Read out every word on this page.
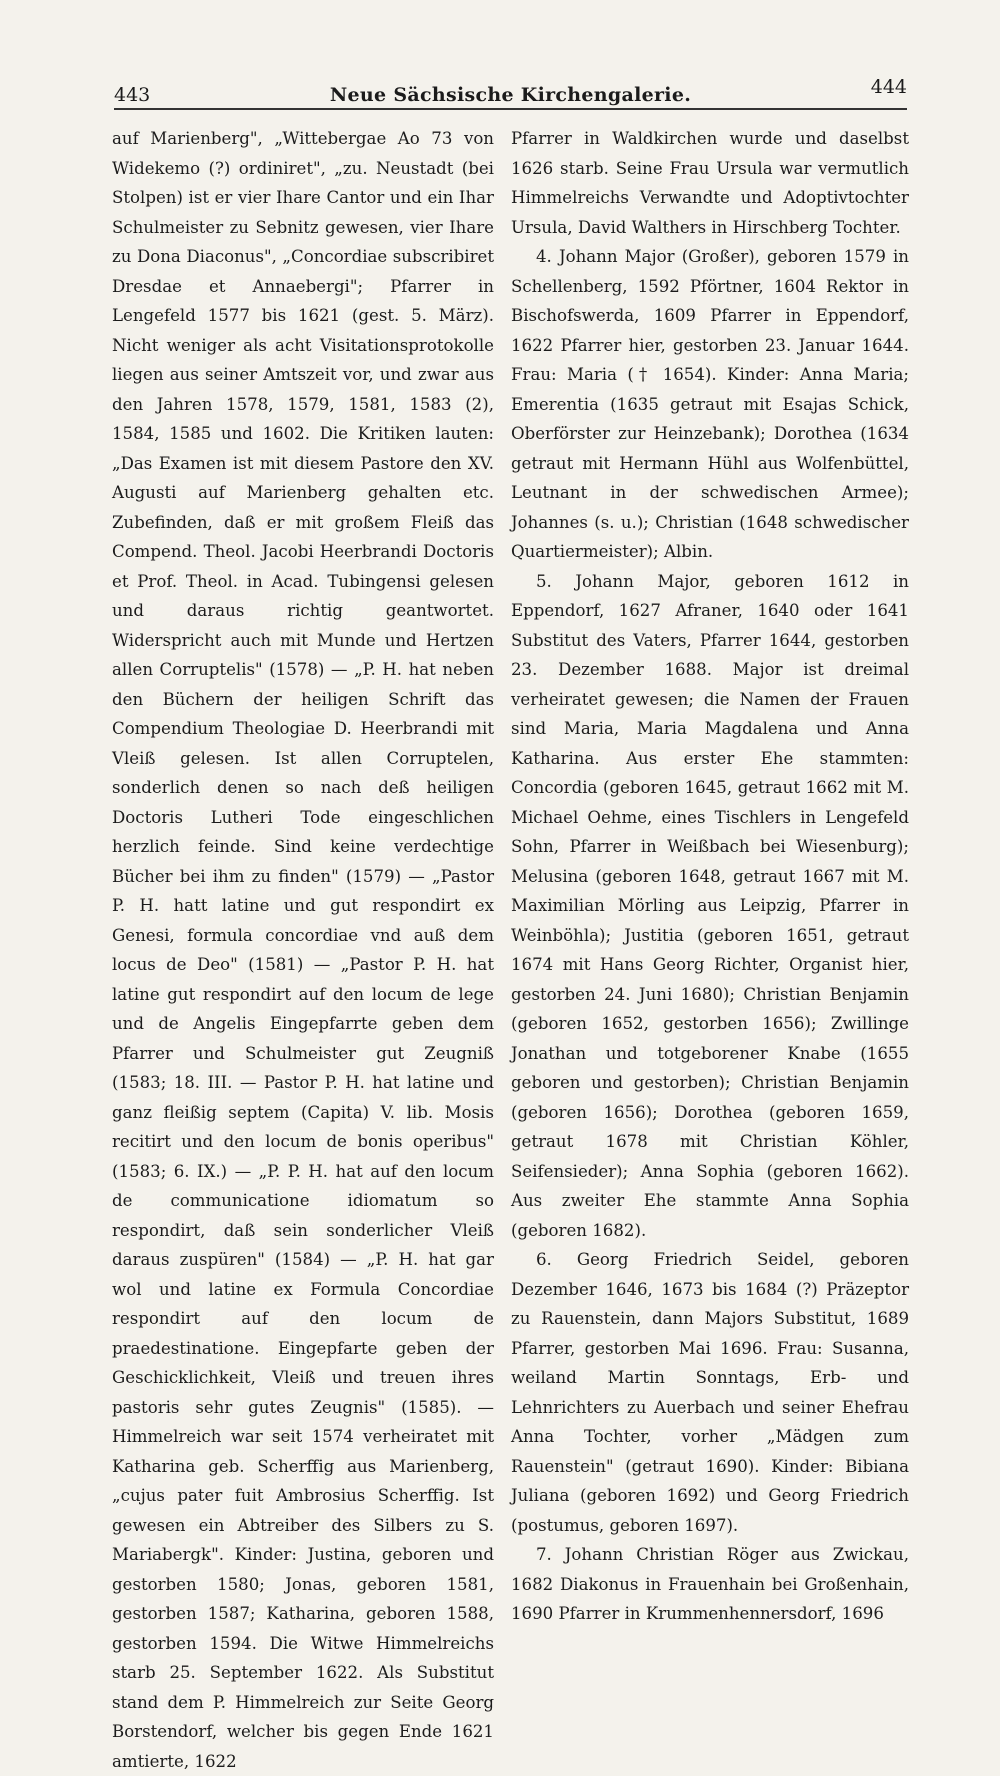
443	Neue Sächsische Kirchengalerie.	444

auf Marienberg", „Wittebergae Ao 73 von Widekemo (?) ordiniret", „zu. Neustadt (bei Stolpen) ist er vier Ihare Cantor und ein Ihar Schulmeister zu Sebnitz gewesen, vier Ihare zu Dona Diaconus", „Concordiae subscribiret Dresdae et Annaebergi"; Pfarrer in Lengefeld 1577 bis 1621 (gest. 5. März). Nicht weniger als acht Visitationsprotokolle liegen aus seiner Amtszeit vor, und zwar aus den Jahren 1578, 1579, 1581, 1583 (2), 1584, 1585 und 1602. Die Kritiken lauten: „Das Examen ist mit diesem Pastore den XV. Augusti auf Marienberg gehalten etc. Zubefinden, daß er mit großem Fleiß das Compend. Theol. Jacobi Heerbrandi Doctoris et Prof. Theol. in Acad. Tubingensi gelesen und daraus richtig geantwortet. Widerspricht auch mit Munde und Hertzen allen Corruptelis" (1578) — „P. H. hat neben den Büchern der heiligen Schrift das Compendium Theologiae D. Heerbrandi mit Vleiß gelesen. Ist allen Corruptelen, sonderlich denen so nach deß heiligen Doctoris Lutheri Tode eingeschlichen herzlich feinde. Sind keine verdechtige Bücher bei ihm zu finden" (1579) — „Pastor P. H. hatt latine und gut respondirt ex Genesi, formula concordiae vnd auß dem locus de Deo" (1581) — „Pastor P. H. hat latine gut respondirt auf den locum de lege und de Angelis Eingepfarrte geben dem Pfarrer und Schulmeister gut Zeugniß (1583; 18. III. — Pastor P. H. hat latine und ganz fleißig septem (Capita) V. lib. Mosis recitirt und den locum de bonis operibus" (1583; 6. IX.) — „P. P. H. hat auf den locum de communicatione idiomatum so respondirt, daß sein sonderlicher Vleiß daraus zuspüren" (1584) — „P. H. hat gar wol und latine ex Formula Concordiae respondirt auf den locum de praedestinatione. Eingepfarte geben der Geschicklichkeit, Vleiß und treuen ihres pastoris sehr gutes Zeugnis" (1585). — Himmelreich war seit 1574 verheiratet mit Katharina geb. Scherffig aus Marienberg, „cujus pater fuit Ambrosius Scherffig. Ist gewesen ein Abtreiber des Silbers zu S. Mariabergk". Kinder: Justina, geboren und gestorben 1580; Jonas, geboren 1581, gestorben 1587; Katharina, geboren 1588, gestorben 1594. Die Witwe Himmelreichs starb 25. September 1622. Als Substitut stand dem P. Himmelreich zur Seite Georg Borstendorf, welcher bis gegen Ende 1621 amtierte, 1622

Pfarrer in Waldkirchen wurde und daselbst 1626 starb. Seine Frau Ursula war vermutlich Himmelreichs Verwandte und Adoptivtochter Ursula, David Walthers in Hirschberg Tochter.

4. Johann Major (Großer), geboren 1579 in Schellenberg, 1592 Pförtner, 1604 Rektor in Bischofswerda, 1609 Pfarrer in Eppendorf, 1622 Pfarrer hier, gestorben 23. Januar 1644. Frau: Maria († 1654). Kinder: Anna Maria; Emerentia (1635 getraut mit Esajas Schick, Oberförster zur Heinzebank); Dorothea (1634 getraut mit Hermann Hühl aus Wolfenbüttel, Leutnant in der schwedischen Armee); Johannes (s. u.); Christian (1648 schwedischer Quartiermeister); Albin.

5. Johann Major, geboren 1612 in Eppendorf, 1627 Afraner, 1640 oder 1641 Substitut des Vaters, Pfarrer 1644, gestorben 23. Dezember 1688. Major ist dreimal verheiratet gewesen; die Namen der Frauen sind Maria, Maria Magdalena und Anna Katharina. Aus erster Ehe stammten: Concordia (geboren 1645, getraut 1662 mit M. Michael Oehme, eines Tischlers in Lengefeld Sohn, Pfarrer in Weißbach bei Wiesenburg); Melusina (geboren 1648, getraut 1667 mit M. Maximilian Mörling aus Leipzig, Pfarrer in Weinböhla); Justitia (geboren 1651, getraut 1674 mit Hans Georg Richter, Organist hier, gestorben 24. Juni 1680); Christian Benjamin (geboren 1652, gestorben 1656); Zwillinge Jonathan und totgeborener Knabe (1655 geboren und gestorben); Christian Benjamin (geboren 1656); Dorothea (geboren 1659, getraut 1678 mit Christian Köhler, Seifensieder); Anna Sophia (geboren 1662). Aus zweiter Ehe stammte Anna Sophia (geboren 1682).

6. Georg Friedrich Seidel, geboren Dezember 1646, 1673 bis 1684 (?) Präzeptor zu Rauenstein, dann Majors Substitut, 1689 Pfarrer, gestorben Mai 1696. Frau: Susanna, weiland Martin Sonntags, Erb- und Lehnrichters zu Auerbach und seiner Ehefrau Anna Tochter, vorher „Mädgen zum Rauenstein" (getraut 1690). Kinder: Bibiana Juliana (geboren 1692) und Georg Friedrich (postumus, geboren 1697).

7. Johann Christian Röger aus Zwickau, 1682 Diakonus in Frauenhain bei Großenhain, 1690 Pfarrer in Krummenhennersdorf, 1696
